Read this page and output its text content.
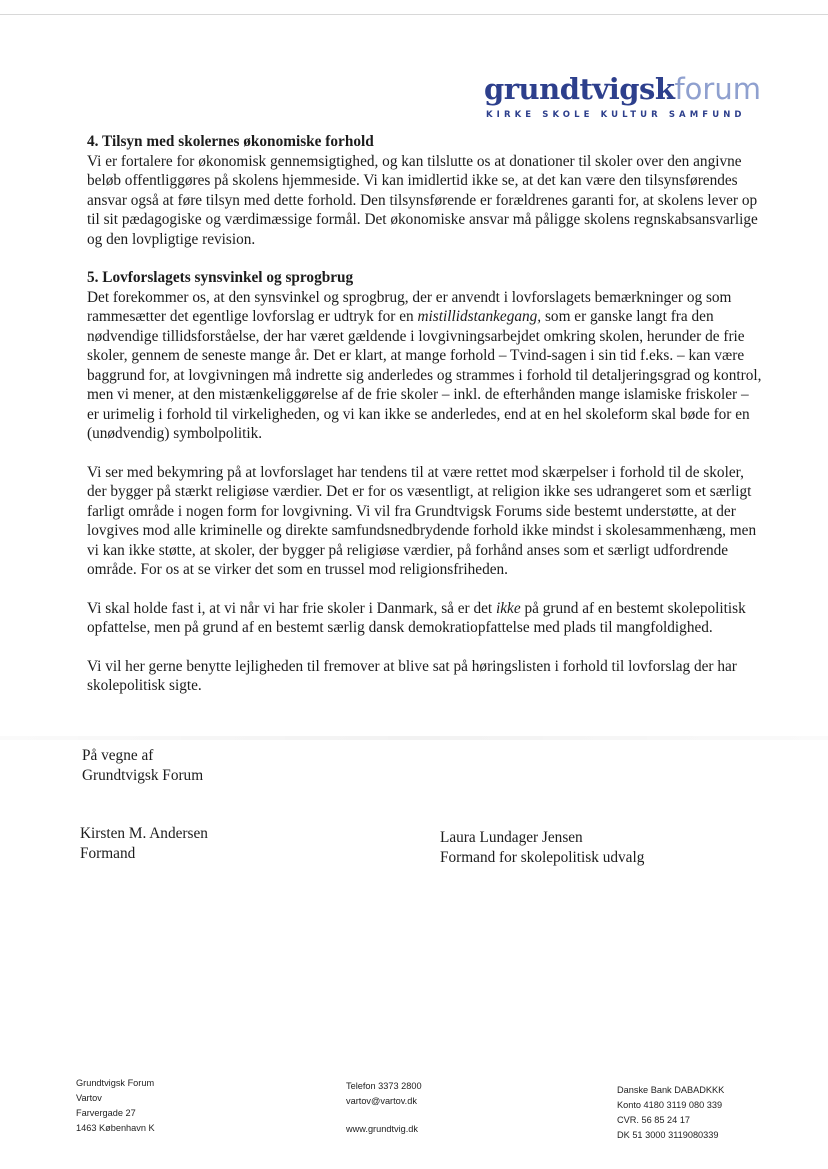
grundtvigskforum
KIRKE SKOLE KULTUR SAMFUND
4. Tilsyn med skolernes økonomiske forhold

Vi er fortalere for økonomisk gennemsigtighed, og kan tilslutte os at donationer til skoler over den angivne beløb offentliggøres på skolens hjemmeside. Vi kan imidlertid ikke se, at det kan være den tilsynsførendes ansvar også at føre tilsyn med dette forhold. Den tilsynsførende er forældrenes garanti for, at skolens lever op til sit pædagogiske og værdimæssige formål. Det økonomiske ansvar må påligge skolens regnskabsansvarlige og den lovpligtige revision.

5. Lovforslagets synsvinkel og sprogbrug

Det forekommer os, at den synsvinkel og sprogbrug, der er anvendt i lovforslagets bemærkninger og som rammesætter det egentlige lovforslag er udtryk for en mistillidstankegang, som er ganske langt fra den nødvendige tillidsforståelse, der har været gældende i lovgivningsarbejdet omkring skolen, herunder de frie skoler, gennem de seneste mange år. Det er klart, at mange forhold – Tvind-sagen i sin tid f.eks. – kan være baggrund for, at lovgivningen må indrette sig anderledes og strammes i forhold til detaljeringsgrad og kontrol, men vi mener, at den mistænkeliggørelse af de frie skoler – inkl. de efterhånden mange islamiske friskoler – er urimelig i forhold til virkeligheden, og vi kan ikke se anderledes, end at en hel skoleform skal bøde for en (unødvendig) symbolpolitik.

Vi ser med bekymring på at lovforslaget har tendens til at være rettet mod skærpelser i forhold til de skoler, der bygger på stærkt religiøse værdier. Det er for os væsentligt, at religion ikke ses udrangeret som et særligt farligt område i nogen form for lovgivning. Vi vil fra Grundtvigsk Forums side bestemt understøtte, at der lovgives mod alle kriminelle og direkte samfundsnedbrydende forhold ikke mindst i skolesammenhæng, men vi kan ikke støtte, at skoler, der bygger på religiøse værdier, på forhånd anses som et særligt udfordrende område. For os at se virker det som en trussel mod religionsfriheden.

Vi skal holde fast i, at vi når vi har frie skoler i Danmark, så er det ikke på grund af en bestemt skolepolitisk opfattelse, men på grund af en bestemt særlig dansk demokratiopfattelse med plads til mangfoldighed.

Vi vil her gerne benytte lejligheden til fremover at blive sat på høringslisten i forhold til lovforslag der har skolepolitisk sigte.

På vegne af
Grundtvigsk Forum
Kirsten M. Andersen
Formand
Laura Lundager Jensen
Formand for skolepolitisk udvalg
Grundtvigsk Forum
Vartov
Farvergade 27
1463 København K
Telefon 3373 2800
vartov@vartov.dk
www.grundtvig.dk
Danske Bank DABADKKK
Konto 4180 3119 080 339
CVR. 56 85 24 17
DK 51 3000 3119080339
